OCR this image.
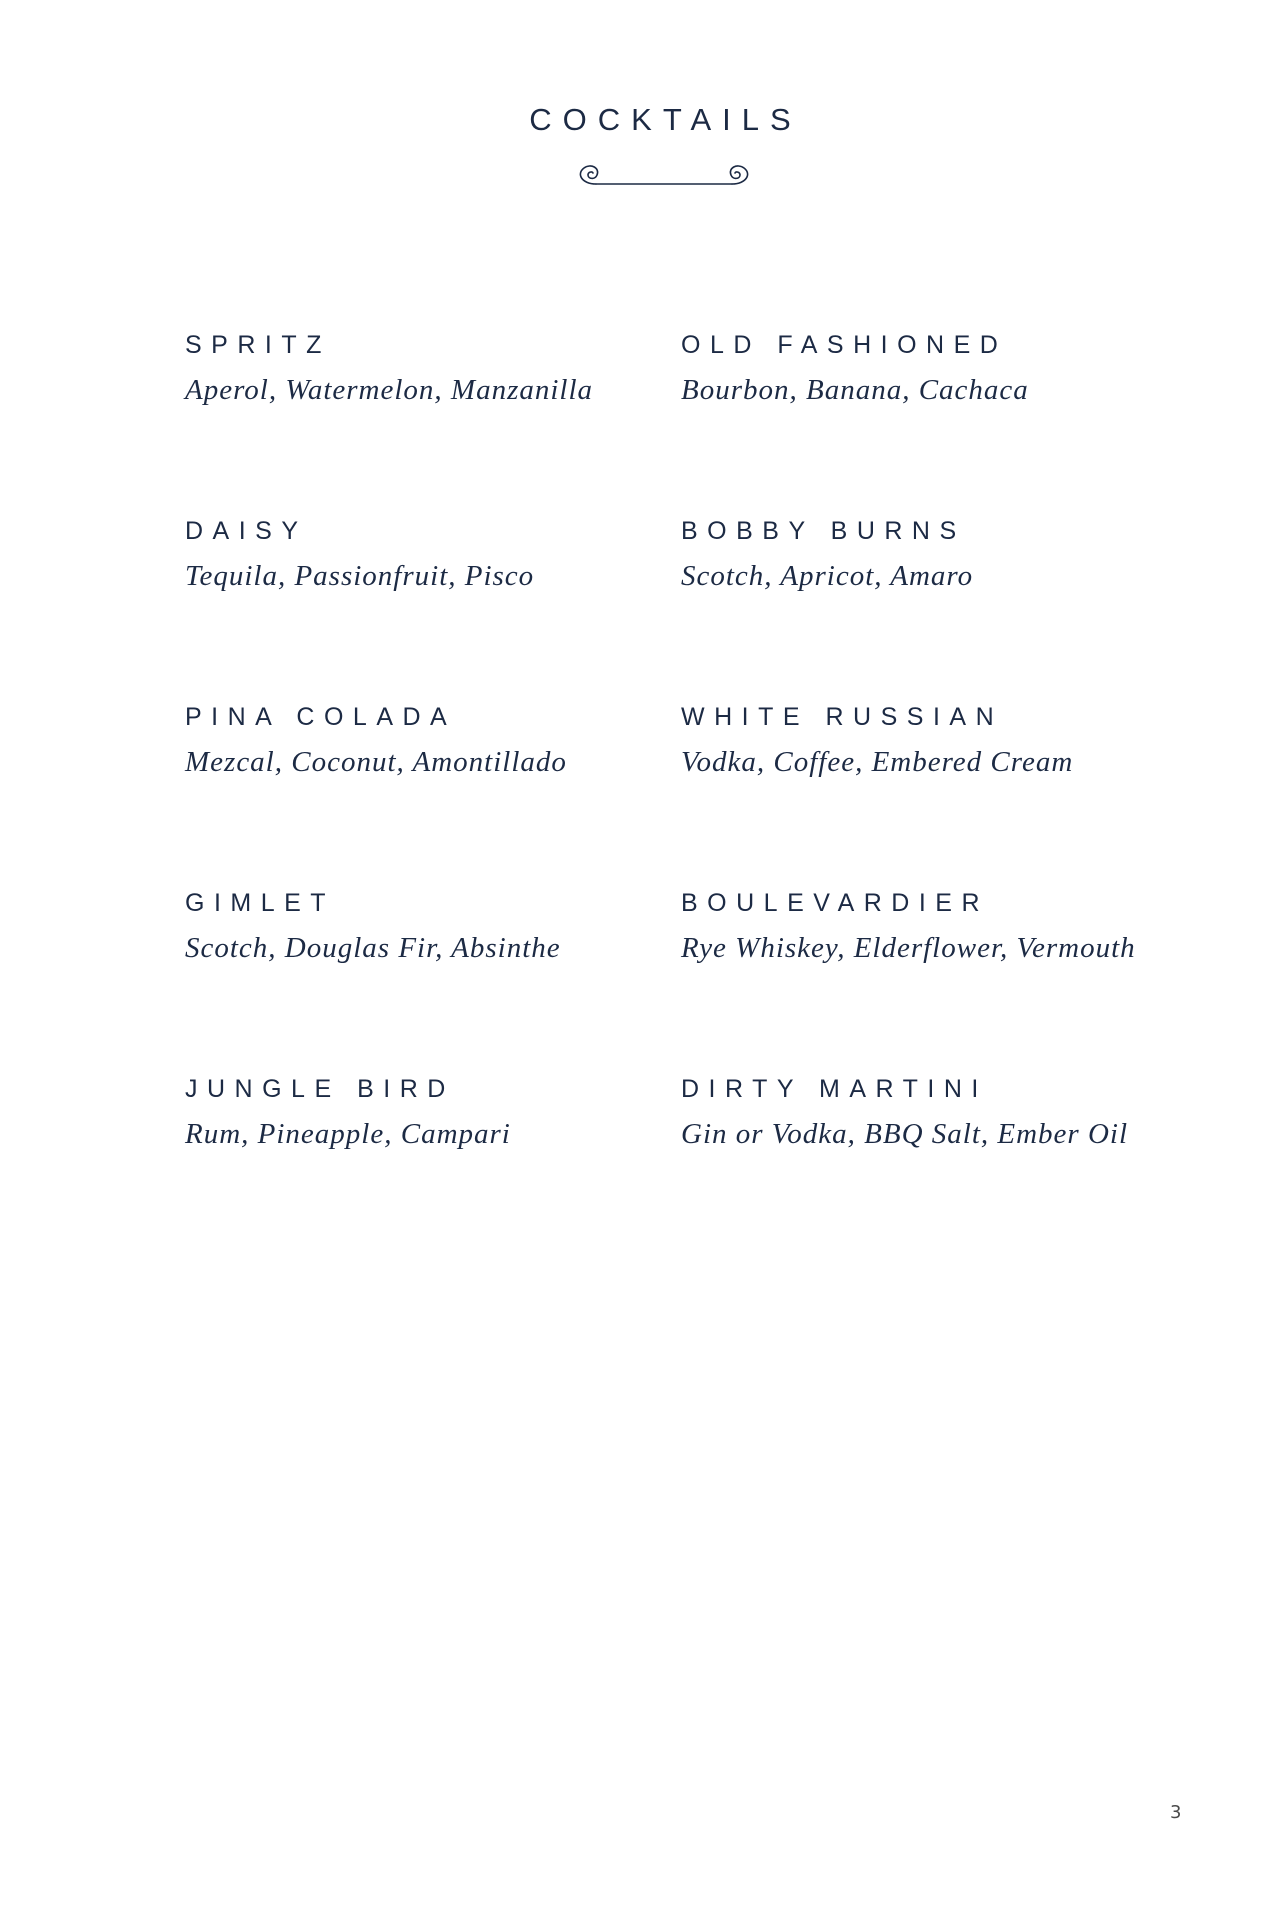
COCKTAILS
SPRITZ
Aperol, Watermelon, Manzanilla
OLD FASHIONED
Bourbon, Banana, Cachaca
DAISY
Tequila, Passionfruit, Pisco
BOBBY BURNS
Scotch, Apricot, Amaro
PINA COLADA
Mezcal, Coconut, Amontillado
WHITE RUSSIAN
Vodka, Coffee, Embered Cream
GIMLET
Scotch, Douglas Fir, Absinthe
BOULEVARDIER
Rye Whiskey, Elderflower, Vermouth
JUNGLE BIRD
Rum, Pineapple, Campari
DIRTY MARTINI
Gin or Vodka, BBQ Salt, Ember Oil
3
